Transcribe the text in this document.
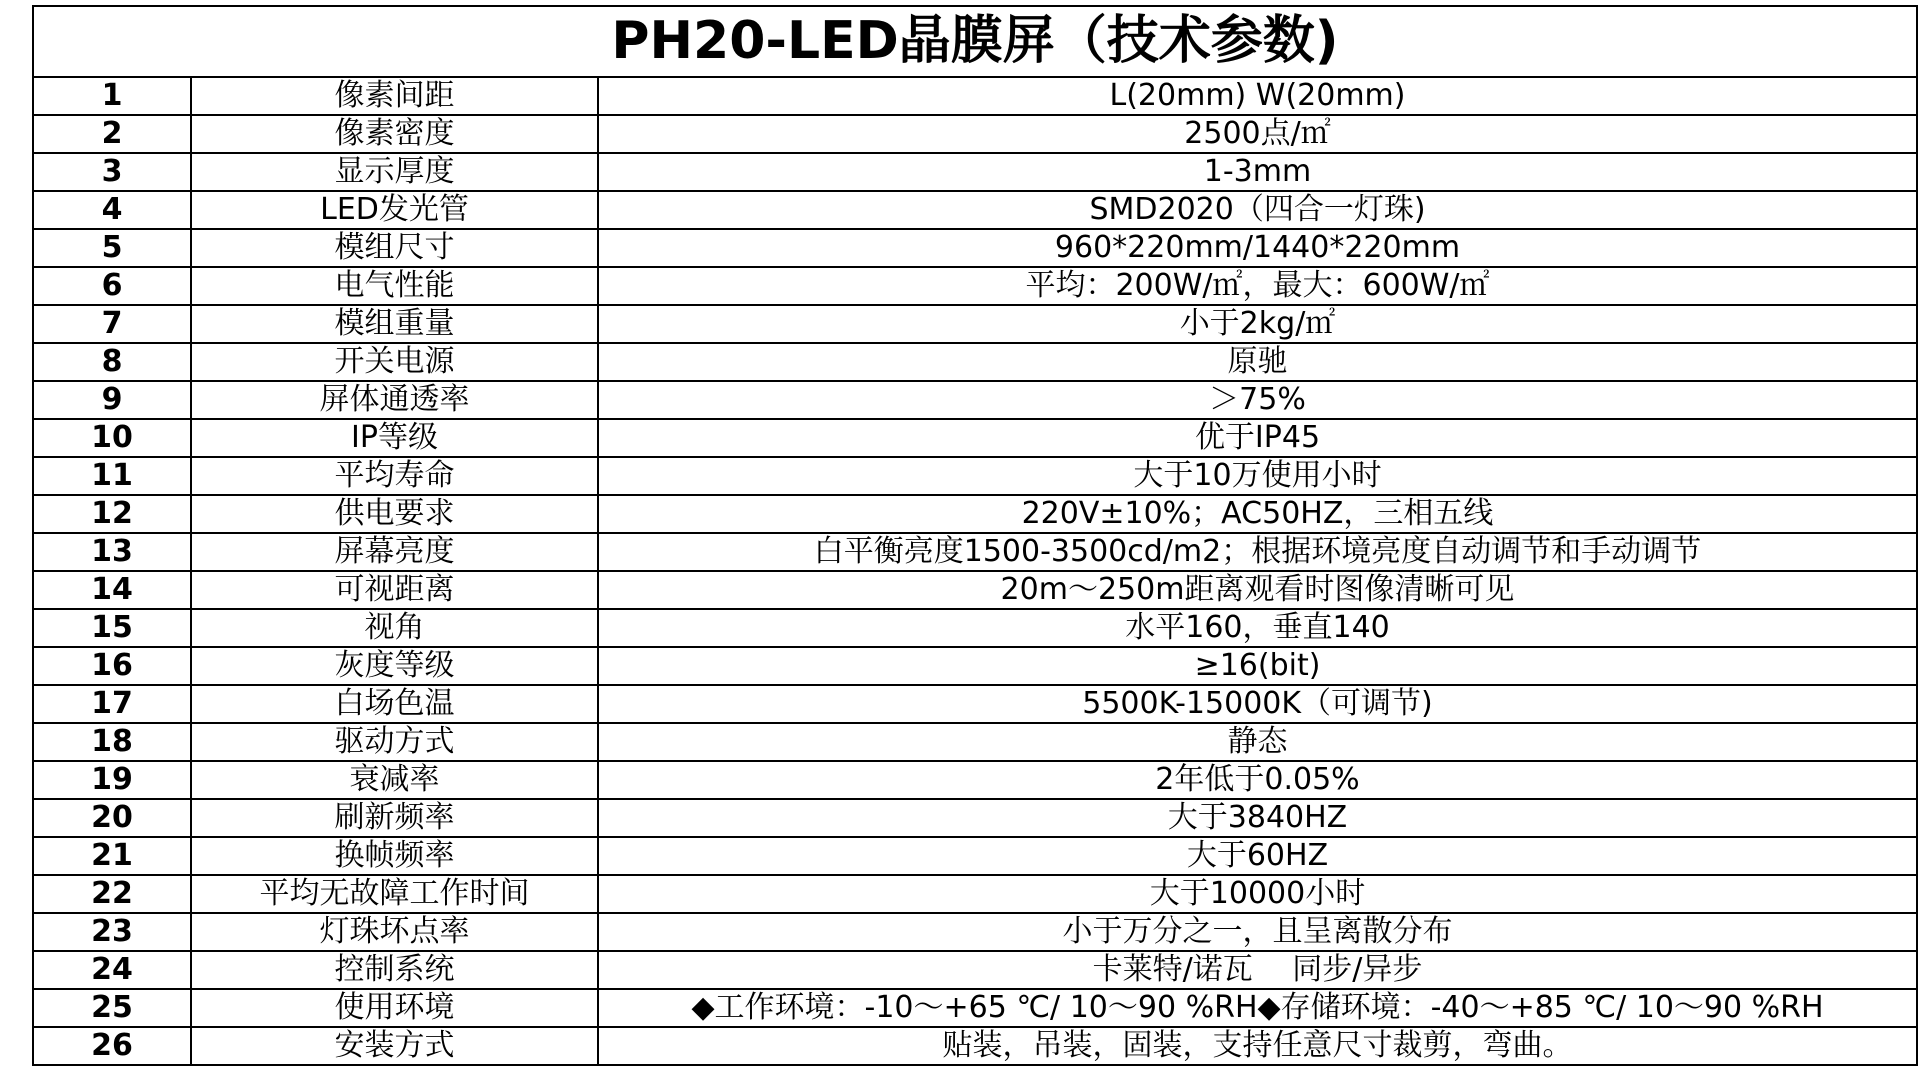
PH20-LED晶膜屏（技术参数)		
1	像素间距	L(20mm) W(20mm)
2	像素密度	2500点/㎡
3	显示厚度	1-3mm
4	LED发光管	SMD2020（四合一灯珠)
5	模组尺寸	960*220mm/1440*220mm
6	电气性能	平均：200W/㎡，最大：600W/㎡
7	模组重量	小于2kg/㎡
8	开关电源	原驰
9	屏体通透率	＞75%
10	IP等级	优于IP45
11	平均寿命	大于10万使用小时
12	供电要求	220V±10%；AC50HZ，三相五线
13	屏幕亮度	白平衡亮度1500-3500cd/m2；根据环境亮度自动调节和手动调节
14	可视距离	20m～250m距离观看时图像清晰可见
15	视角	水平160，垂直140
16	灰度等级	≥16(bit)
17	白场色温	5500K-15000K（可调节)
18	驱动方式	静态
19	衰减率	2年低于0.05%
20	刷新频率	大于3840HZ
21	换帧频率	大于60HZ
22	平均无故障工作时间	大于10000小时
23	灯珠坏点率	小于万分之一，且呈离散分布
24	控制系统	卡莱特/诺瓦　 同步/异步
25	使用环境	◆工作环境：-10～+65 ℃/ 10～90 %RH◆存储环境：-40～+85 ℃/ 10～90 %RH
26	安装方式	贴装，吊装，固装，支持任意尺寸裁剪，弯曲。
